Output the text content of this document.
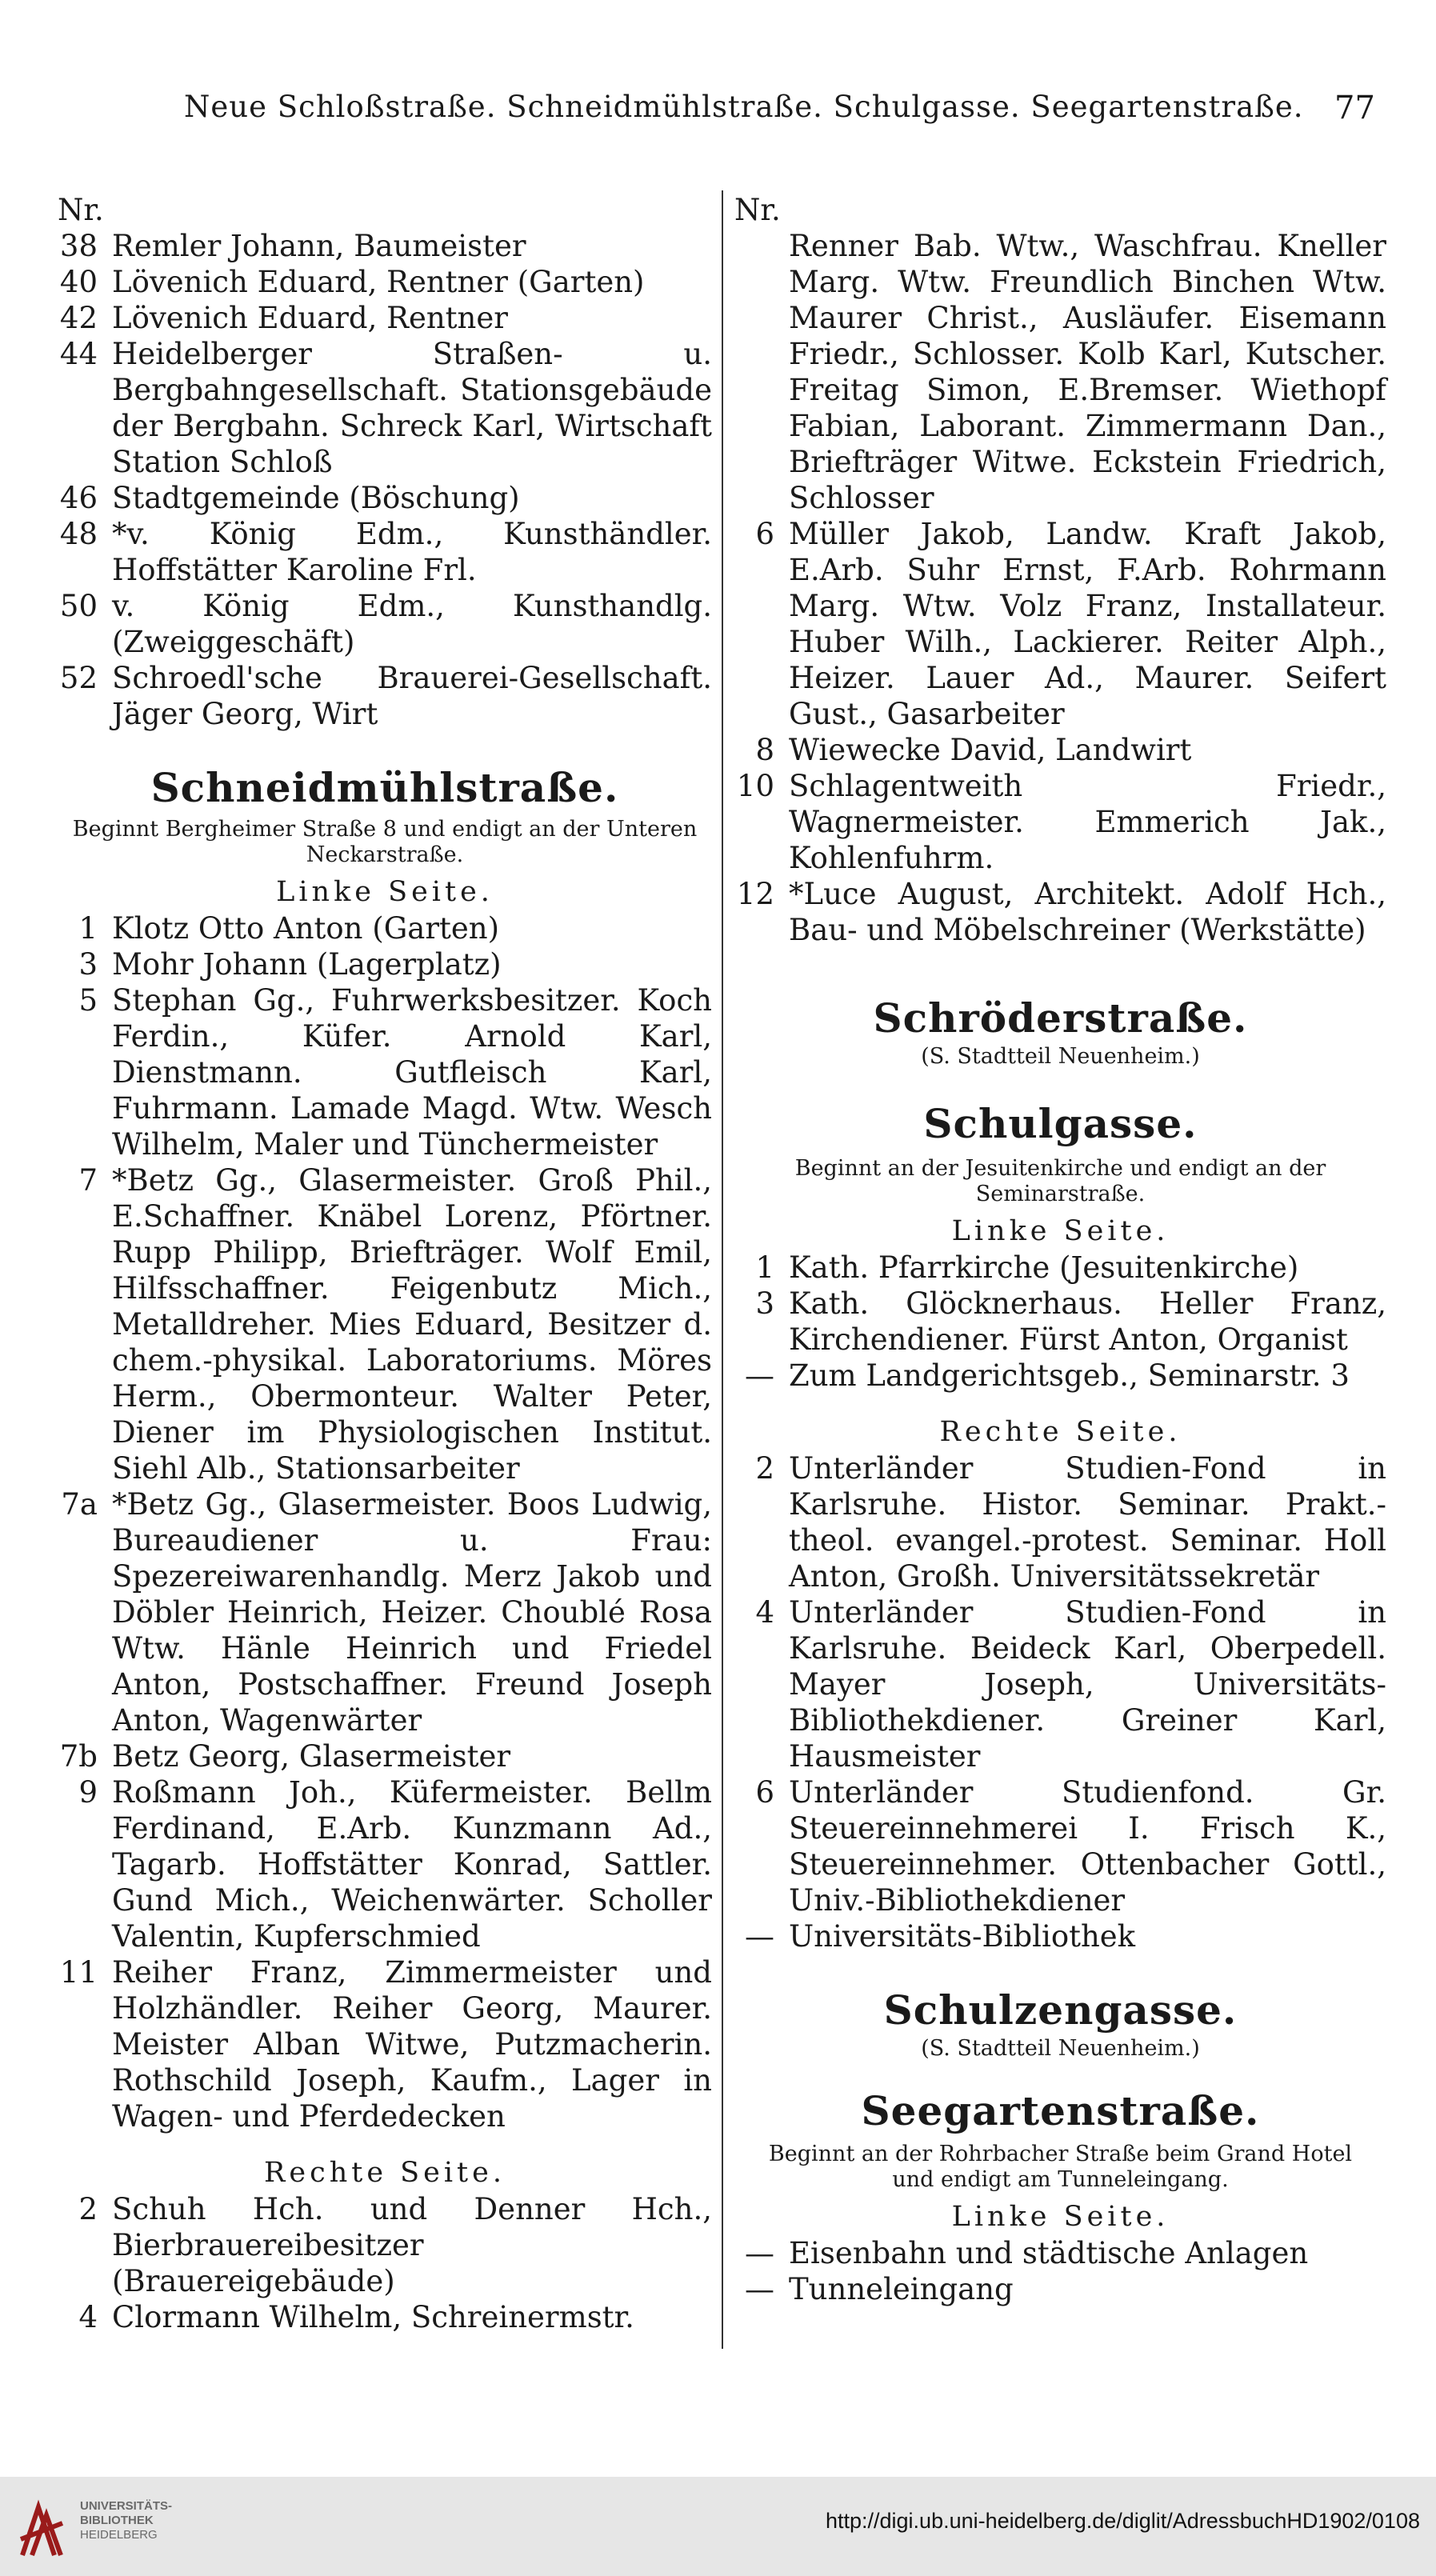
Neue Schloßstraße. Schneidmühlstraße. Schulgasse. Seegartenstraße. 77
Nr.
38 Remler Johann, Baumeister
40 Lövenich Eduard, Rentner (Garten)
42 Lövenich Eduard, Rentner
44 Heidelberger Straßen- u. Bergbahngesellschaft. Stationsgebäude der Bergbahn. Schreck Karl, Wirtschaft Station Schloß
46 Stadtgemeinde (Böschung)
48 *v. König Edm., Kunsthändler. Hoffstätter Karoline Frl.
50 v. König Edm., Kunsthandlg. (Zweiggeschäft)
52 Schroedl'sche Brauerei-Gesellschaft. Jäger Georg, Wirt
Schneidmühlstraße.
Beginnt Bergheimer Straße 8 und endigt an der Unteren Neckarstraße.
Linke Seite.
1 Klotz Otto Anton (Garten)
3 Mohr Johann (Lagerplatz)
5 Stephan Gg., Fuhrwerksbesitzer. Koch Ferdin., Küfer. Arnold Karl, Dienstmann. Gutfleisch Karl, Fuhrmann. Lamade Magd. Wtw. Wesch Wilhelm, Maler und Tünchermeister
7 *Betz Gg., Glasermeister. Groß Phil., E.Schaffner. Knäbel Lorenz, Pförtner. Rupp Philipp, Briefträger. Wolf Emil, Hilfsschaffner. Feigenbutz Mich., Metalldreher. Mies Eduard, Besitzer d. chem.-physikal. Laboratoriums. Möres Herm., Obermonteur. Walter Peter, Diener im Physiologischen Institut. Siehl Alb., Stationsarbeiter
7a *Betz Gg., Glasermeister. Boos Ludwig, Bureaudiener u. Frau: Spezereiwarenhandlg. Merz Jakob und Döbler Heinrich, Heizer. Choublé Rosa Wtw. Hänle Heinrich und Friedel Anton, Postschaffner. Freund Joseph Anton, Wagenwärter
7b Betz Georg, Glasermeister
9 Roßmann Joh., Küfermeister. Bellm Ferdinand, E.Arb. Kunzmann Ad., Tagarb. Hoffstätter Konrad, Sattler. Gund Mich., Weichenwärter. Scholler Valentin, Kupferschmied
11 Reiher Franz, Zimmermeister und Holzhändler. Reiher Georg, Maurer. Meister Alban Witwe, Putzmacherin. Rothschild Joseph, Kaufm., Lager in Wagen- und Pferdedecken
Rechte Seite.
2 Schuh Hch. und Denner Hch., Bierbrauereibesitzer (Brauereigebäude)
4 Clormann Wilhelm, Schreinermstr.
Nr.
Renner Bab. Wtw., Waschfrau. Kneller Marg. Wtw. Freundlich Binchen Wtw. Maurer Christ., Ausläufer. Eisemann Friedr., Schlosser. Kolb Karl, Kutscher. Freitag Simon, E.Bremser. Wiethopf Fabian, Laborant. Zimmermann Dan., Briefträger Witwe. Eckstein Friedrich, Schlosser
6 Müller Jakob, Landw. Kraft Jakob, E.Arb. Suhr Ernst, F.Arb. Rohrmann Marg. Wtw. Volz Franz, Installateur. Huber Wilh., Lackierer. Reiter Alph., Heizer. Lauer Ad., Maurer. Seifert Gust., Gasarbeiter
8 Wiewecke David, Landwirt
10 Schlagentweith Friedr., Wagnermeister. Emmerich Jak., Kohlenfuhrm.
12 *Luce August, Architekt. Adolf Hch., Bau- und Möbelschreiner (Werkstätte)
Schröderstraße.
(S. Stadtteil Neuenheim.)
Schulgasse.
Beginnt an der Jesuitenkirche und endigt an der Seminarstraße.
Linke Seite.
1 Kath. Pfarrkirche (Jesuitenkirche)
3 Kath. Glöcknerhaus. Heller Franz, Kirchendiener. Fürst Anton, Organist
— Zum Landgerichtsgeb., Seminarstr. 3
Rechte Seite.
2 Unterländer Studien-Fond in Karlsruhe. Histor. Seminar. Prakt.-theol. evangel.-protest. Seminar. Holl Anton, Großh. Universitätssekretär
4 Unterländer Studien-Fond in Karlsruhe. Beideck Karl, Oberpedell. Mayer Joseph, Universitäts-Bibliothekdiener. Greiner Karl, Hausmeister
6 Unterländer Studienfond. Gr. Steuereinnehmerei I. Frisch K., Steuereinnehmer. Ottenbacher Gottl., Univ.-Bibliothekdiener
— Universitäts-Bibliothek
Schulzengasse.
(S. Stadtteil Neuenheim.)
Seegartenstraße.
Beginnt an der Rohrbacher Straße beim Grand Hotel und endigt am Tunneleingang.
Linke Seite.
— Eisenbahn und städtische Anlagen
— Tunneleingang
UNIVERSITÄTS-
BIBLIOTHEK
HEIDELBERG
http://digi.ub.uni-heidelberg.de/diglit/AdressbuchHD1902/0108
